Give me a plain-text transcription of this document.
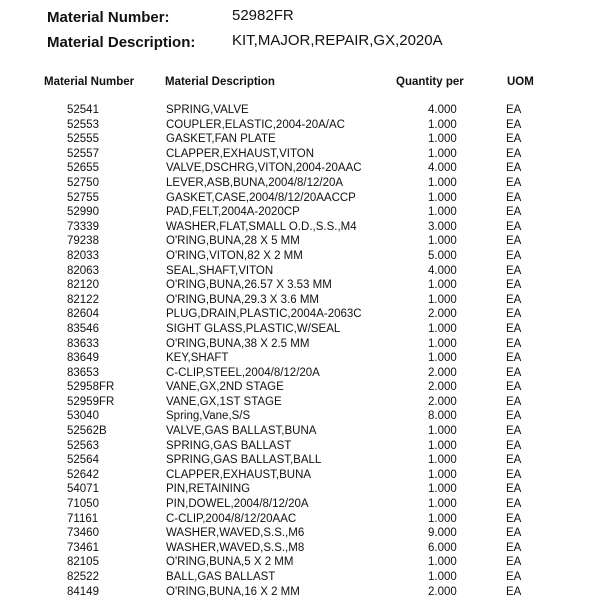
Material Number:	52982FR
Material Description: KIT,MAJOR,REPAIR,GX,2020A
Material Number	Material Description	Quantity per	UOM
52541	SPRING,VALVE	4.000	EA
52553	COUPLER,ELASTIC,2004-20A/AC	1.000	EA
52555	GASKET,FAN PLATE	1.000	EA
52557	CLAPPER,EXHAUST,VITON	1.000	EA
52655	VALVE,DSCHRG,VITON,2004-20AAC	4.000	EA
52750	LEVER,ASB,BUNA,2004/8/12/20A	1.000	EA
52755	GASKET,CASE,2004/8/12/20AACCP	1.000	EA
52990	PAD,FELT,2004A-2020CP	1.000	EA
73339	WASHER,FLAT,SMALL O.D.,S.S.,M4	3.000	EA
79238	O'RING,BUNA,28 X 5 MM	1.000	EA
82033	O'RING,VITON,82 X 2 MM	5.000	EA
82063	SEAL,SHAFT,VITON	4.000	EA
82120	O'RING,BUNA,26.57 X 3.53 MM	1.000	EA
82122	O'RING,BUNA,29.3 X 3.6 MM	1.000	EA
82604	PLUG,DRAIN,PLASTIC,2004A-2063C	2.000	EA
83546	SIGHT GLASS,PLASTIC,W/SEAL	1.000	EA
83633	O'RING,BUNA,38 X 2.5 MM	1.000	EA
83649	KEY,SHAFT	1.000	EA
83653	C-CLIP,STEEL,2004/8/12/20A	2.000	EA
52958FR	VANE,GX,2ND STAGE	2.000	EA
52959FR	VANE,GX,1ST STAGE	2.000	EA
53040	Spring,Vane,S/S	8.000	EA
52562B	VALVE,GAS BALLAST,BUNA	1.000	EA
52563	SPRING,GAS BALLAST	1.000	EA
52564	SPRING,GAS BALLAST,BALL	1.000	EA
52642	CLAPPER,EXHAUST,BUNA	1.000	EA
54071	PIN,RETAINING	1.000	EA
71050	PIN,DOWEL,2004/8/12/20A	1.000	EA
71161	C-CLIP,2004/8/12/20AAC	1.000	EA
73460	WASHER,WAVED,S.S.,M6	9.000	EA
73461	WASHER,WAVED,S.S.,M8	6.000	EA
82105	O'RING,BUNA,5 X 2 MM	1.000	EA
82522	BALL,GAS BALLAST	1.000	EA
84149	O'RING,BUNA,16 X 2 MM	2.000	EA
